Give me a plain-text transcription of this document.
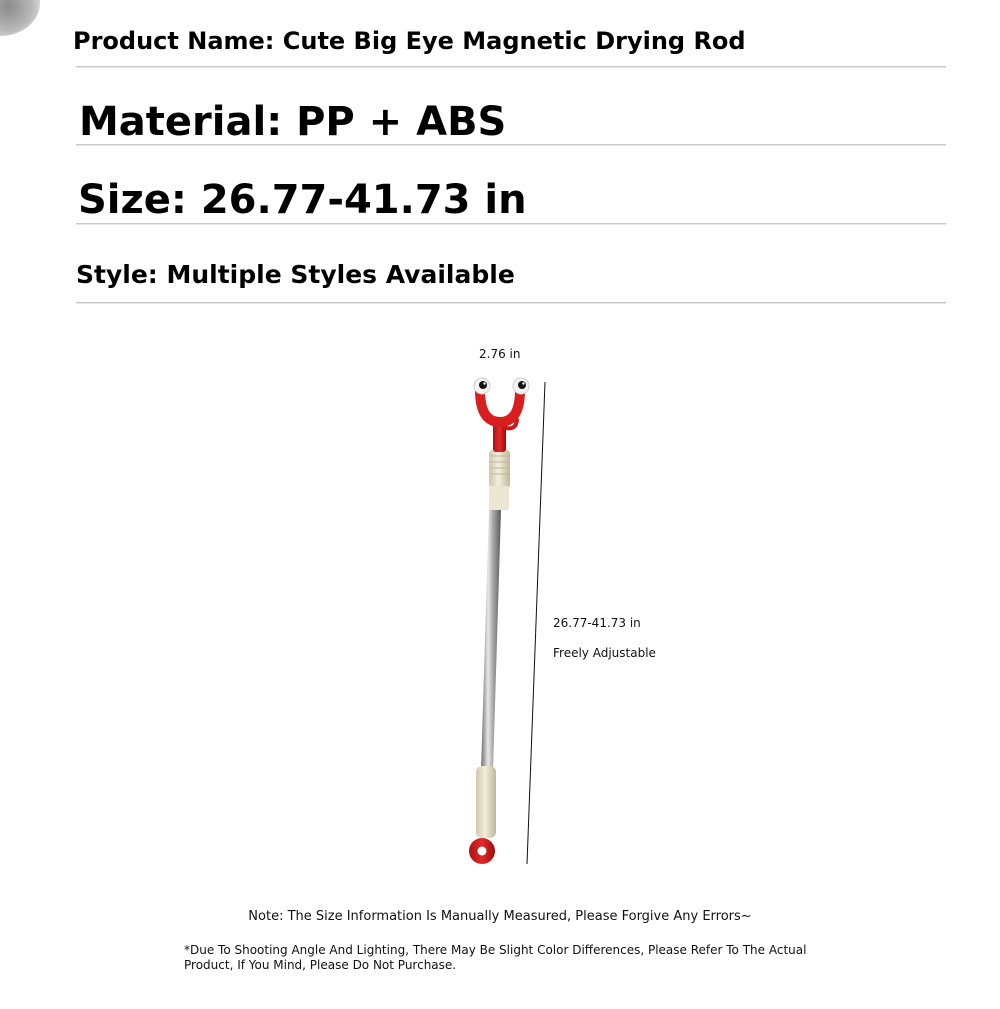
Product Name: Cute Big Eye Magnetic Drying Rod
Material: PP + ABS
Size: 26.77-41.73 in
Style: Multiple Styles Available
2.76 in
26.77-41.73 in
Freely Adjustable
Note: The Size Information Is Manually Measured, Please Forgive Any Errors~
*Due To Shooting Angle And Lighting, There May Be Slight Color Differences, Please Refer To The Actual Product, If You Mind, Please Do Not Purchase.
